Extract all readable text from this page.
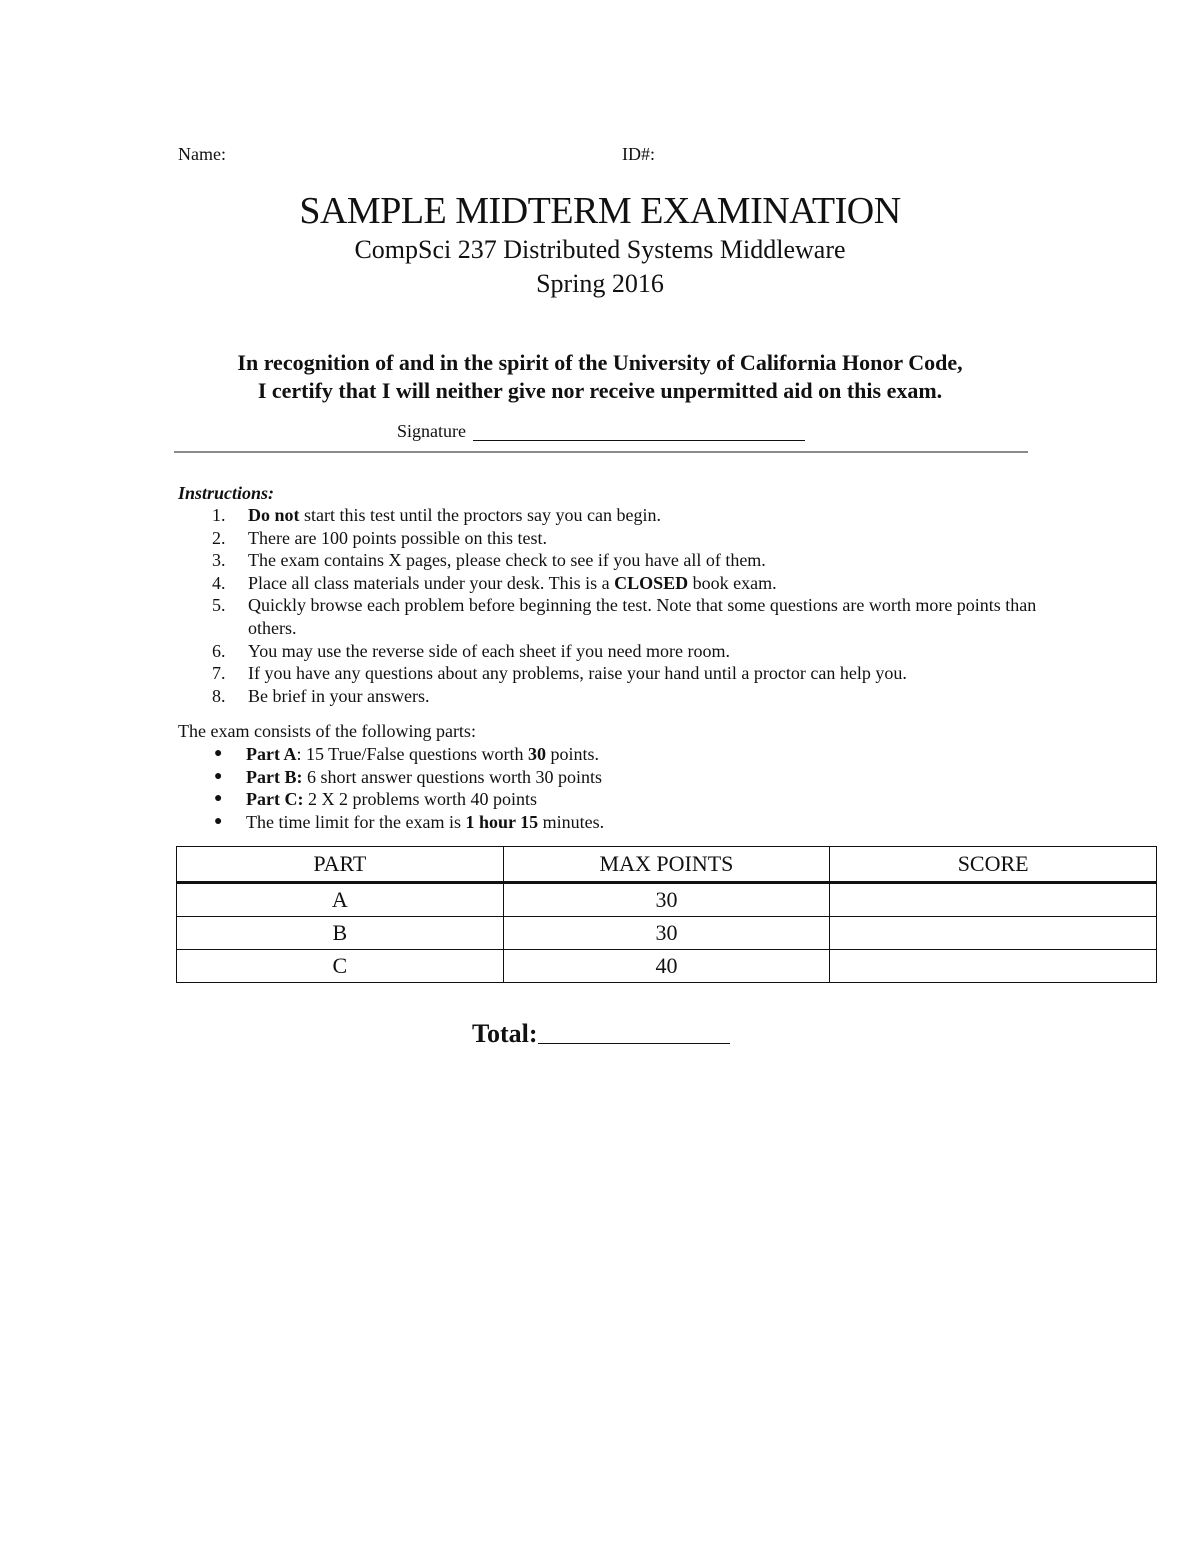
Name:	ID#:
SAMPLE MIDTERM EXAMINATION
CompSci 237 Distributed Systems Middleware
Spring 2016
In recognition of and in the spirit of the University of California Honor Code,
I certify that I will neither give nor receive unpermitted aid on this exam.
Signature
Instructions:
1. Do not start this test until the proctors say you can begin.
2. There are 100 points possible on this test.
3. The exam contains X pages, please check to see if you have all of them.
4. Place all class materials under your desk. This is a CLOSED book exam.
5. Quickly browse each problem before beginning the test. Note that some questions are worth more points than others.
6. You may use the reverse side of each sheet if you need more room.
7. If you have any questions about any problems, raise your hand until a proctor can help you.
8. Be brief in your answers.
The exam consists of the following parts:
● Part A: 15 True/False questions worth 30 points.
● Part B: 6 short answer questions worth 30 points
● Part C: 2 X 2 problems worth 40 points
● The time limit for the exam is 1 hour 15 minutes.
PART	MAX POINTS	SCORE
A	30	
B	30	
C	40	
Total:
